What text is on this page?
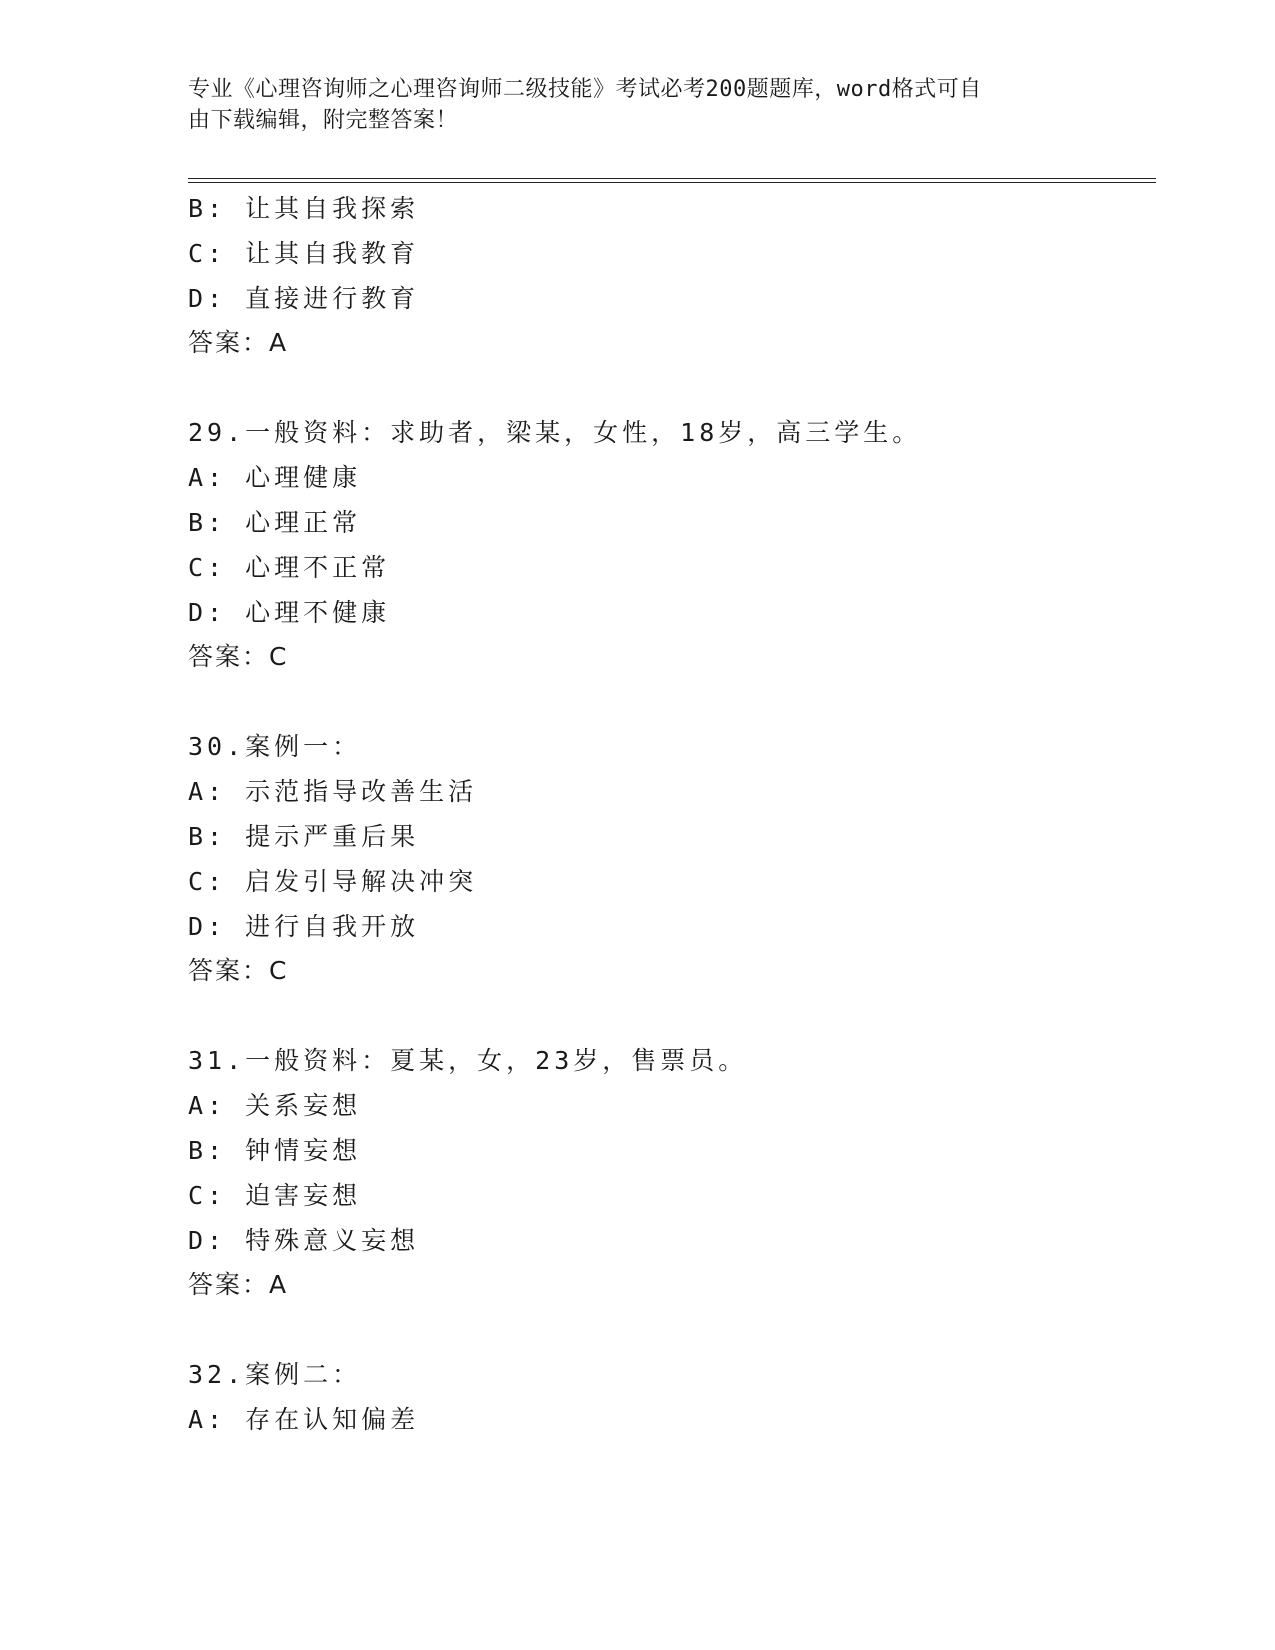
专业《心理咨询师之心理咨询师二级技能》考试必考200题题库，word格式可自
由下载编辑，附完整答案！
B: 让其自我探索
C: 让其自我教育
D: 直接进行教育
答案：A
29.一般资料：求助者，梁某，女性，18岁，高三学生。
A: 心理健康
B: 心理正常
C: 心理不正常
D: 心理不健康
答案：C
30.案例一：
A: 示范指导改善生活
B: 提示严重后果
C: 启发引导解决冲突
D: 进行自我开放
答案：C
31.一般资料：夏某，女，23岁，售票员。
A: 关系妄想
B: 钟情妄想
C: 迫害妄想
D: 特殊意义妄想
答案：A
32.案例二：
A: 存在认知偏差
